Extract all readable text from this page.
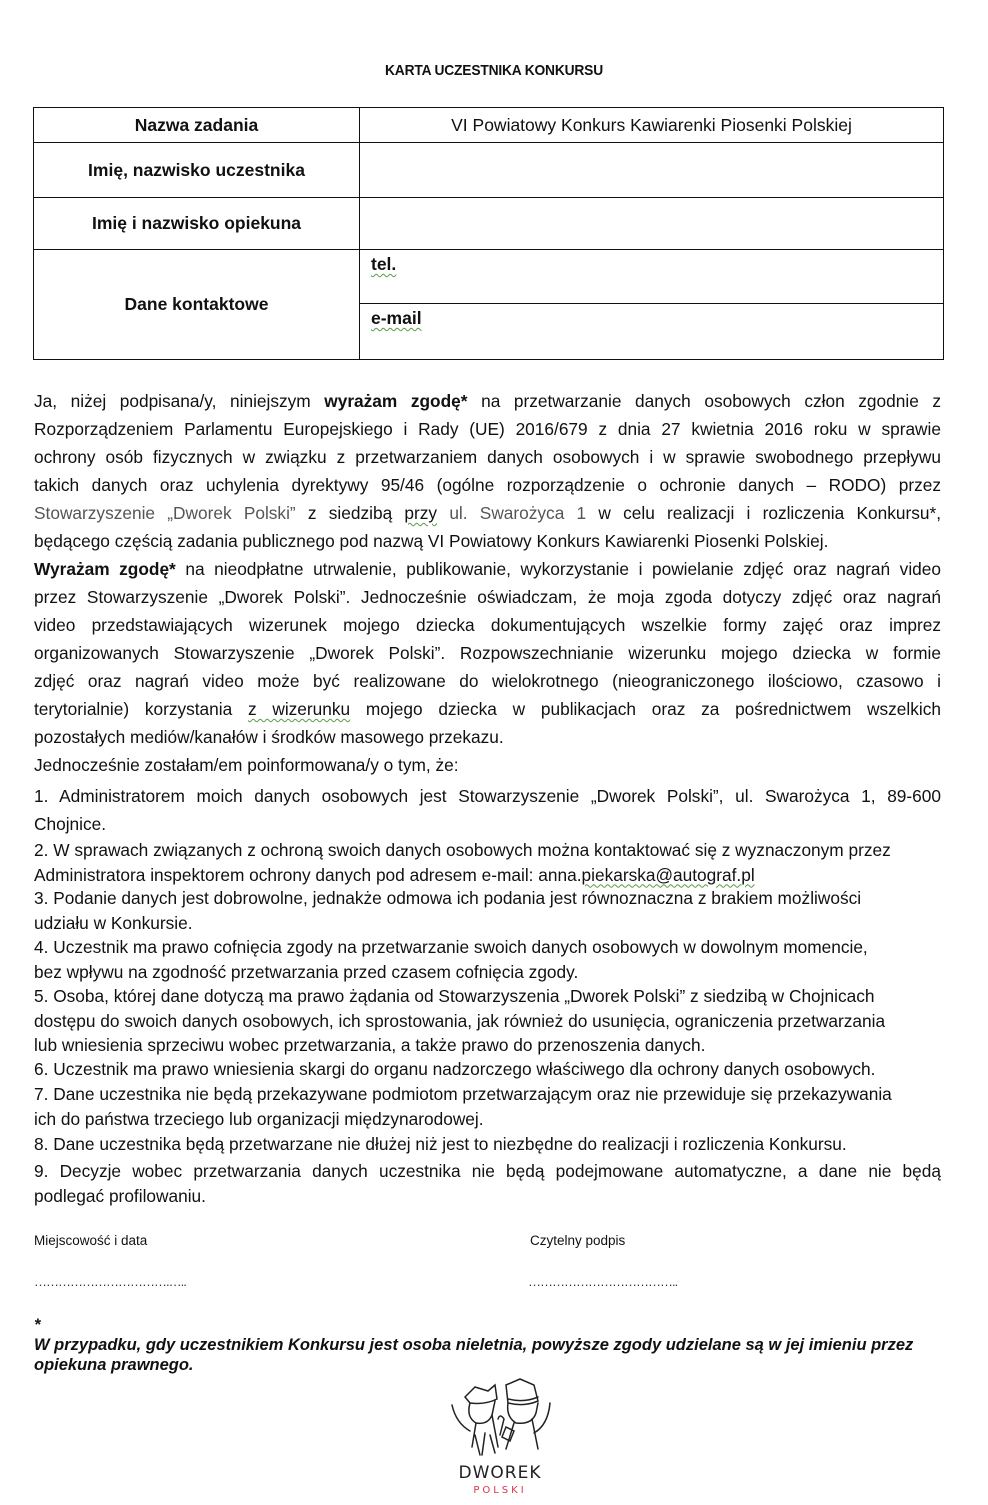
KARTA UCZESTNIKA KONKURSU
Nazwa zadania	VI Powiatowy Konkurs Kawiarenki Piosenki Polskiej
Imię, nazwisko uczestnika	
Imię i nazwisko opiekuna	
Dane kontaktowe	tel.
	e-mail
Ja, niżej podpisana/y, niniejszym wyrażam zgodę* na przetwarzanie danych osobowych człon zgodnie z
Rozporządzeniem Parlamentu Europejskiego i Rady (UE) 2016/679 z dnia 27 kwietnia 2016 roku w sprawie
ochrony osób fizycznych w związku z przetwarzaniem danych osobowych i w sprawie swobodnego przepływu
takich danych oraz uchylenia dyrektywy 95/46 (ogólne rozporządzenie o ochronie danych – RODO) przez
Stowarzyszenie „Dworek Polski” z siedzibą przy ul. Swarożyca 1 w celu realizacji i rozliczenia Konkursu*,
będącego częścią zadania publicznego pod nazwą VI Powiatowy Konkurs Kawiarenki Piosenki Polskiej.
Wyrażam zgodę* na nieodpłatne utrwalenie, publikowanie, wykorzystanie i powielanie zdjęć oraz nagrań video
przez Stowarzyszenie „Dworek Polski”. Jednocześnie oświadczam, że moja zgoda dotyczy zdjęć oraz nagrań
video przedstawiających wizerunek mojego dziecka dokumentujących wszelkie formy zajęć oraz imprez
organizowanych Stowarzyszenie „Dworek Polski”. Rozpowszechnianie wizerunku mojego dziecka w formie
zdjęć oraz nagrań video może być realizowane do wielokrotnego (nieograniczonego ilościowo, czasowo i
terytorialnie) korzystania z wizerunku mojego dziecka w publikacjach oraz za pośrednictwem wszelkich
pozostałych mediów/kanałów i środków masowego przekazu.
Jednocześnie zostałam/em poinformowana/y o tym, że:
1. Administratorem moich danych osobowych jest Stowarzyszenie „Dworek Polski”, ul. Swarożyca 1, 89-600
Chojnice.
2. W sprawach związanych z ochroną swoich danych osobowych można kontaktować się z wyznaczonym przez
Administratora inspektorem ochrony danych pod adresem e-mail: anna.piekarska@autograf.pl
3. Podanie danych jest dobrowolne, jednakże odmowa ich podania jest równoznaczna z brakiem możliwości
udziału w Konkursie.
4. Uczestnik ma prawo cofnięcia zgody na przetwarzanie swoich danych osobowych w dowolnym momencie,
bez wpływu na zgodność przetwarzania przed czasem cofnięcia zgody.
5. Osoba, której dane dotyczą ma prawo żądania od Stowarzyszenia „Dworek Polski” z siedzibą w Chojnicach
dostępu do swoich danych osobowych, ich sprostowania, jak również do usunięcia, ograniczenia przetwarzania
lub wniesienia sprzeciwu wobec przetwarzania, a także prawo do przenoszenia danych.
6. Uczestnik ma prawo wniesienia skargi do organu nadzorczego właściwego dla ochrony danych osobowych.
7. Dane uczestnika nie będą przekazywane podmiotom przetwarzającym oraz nie przewiduje się przekazywania
ich do państwa trzeciego lub organizacji międzynarodowej.
8. Dane uczestnika będą przetwarzane nie dłużej niż jest to niezbędne do realizacji i rozliczenia Konkursu.
9. Decyzje wobec przetwarzania danych uczestnika nie będą podejmowane automatyczne, a dane nie będą
podlegać profilowaniu.
Miejscowość i data
…………………………….…..
Czytelny podpis
………………………………..
*
W przypadku, gdy uczestnikiem Konkursu jest osoba nieletnia, powyższe zgody udzielane są w jej imieniu przez opiekuna prawnego.
DWOREK
POLSKI
